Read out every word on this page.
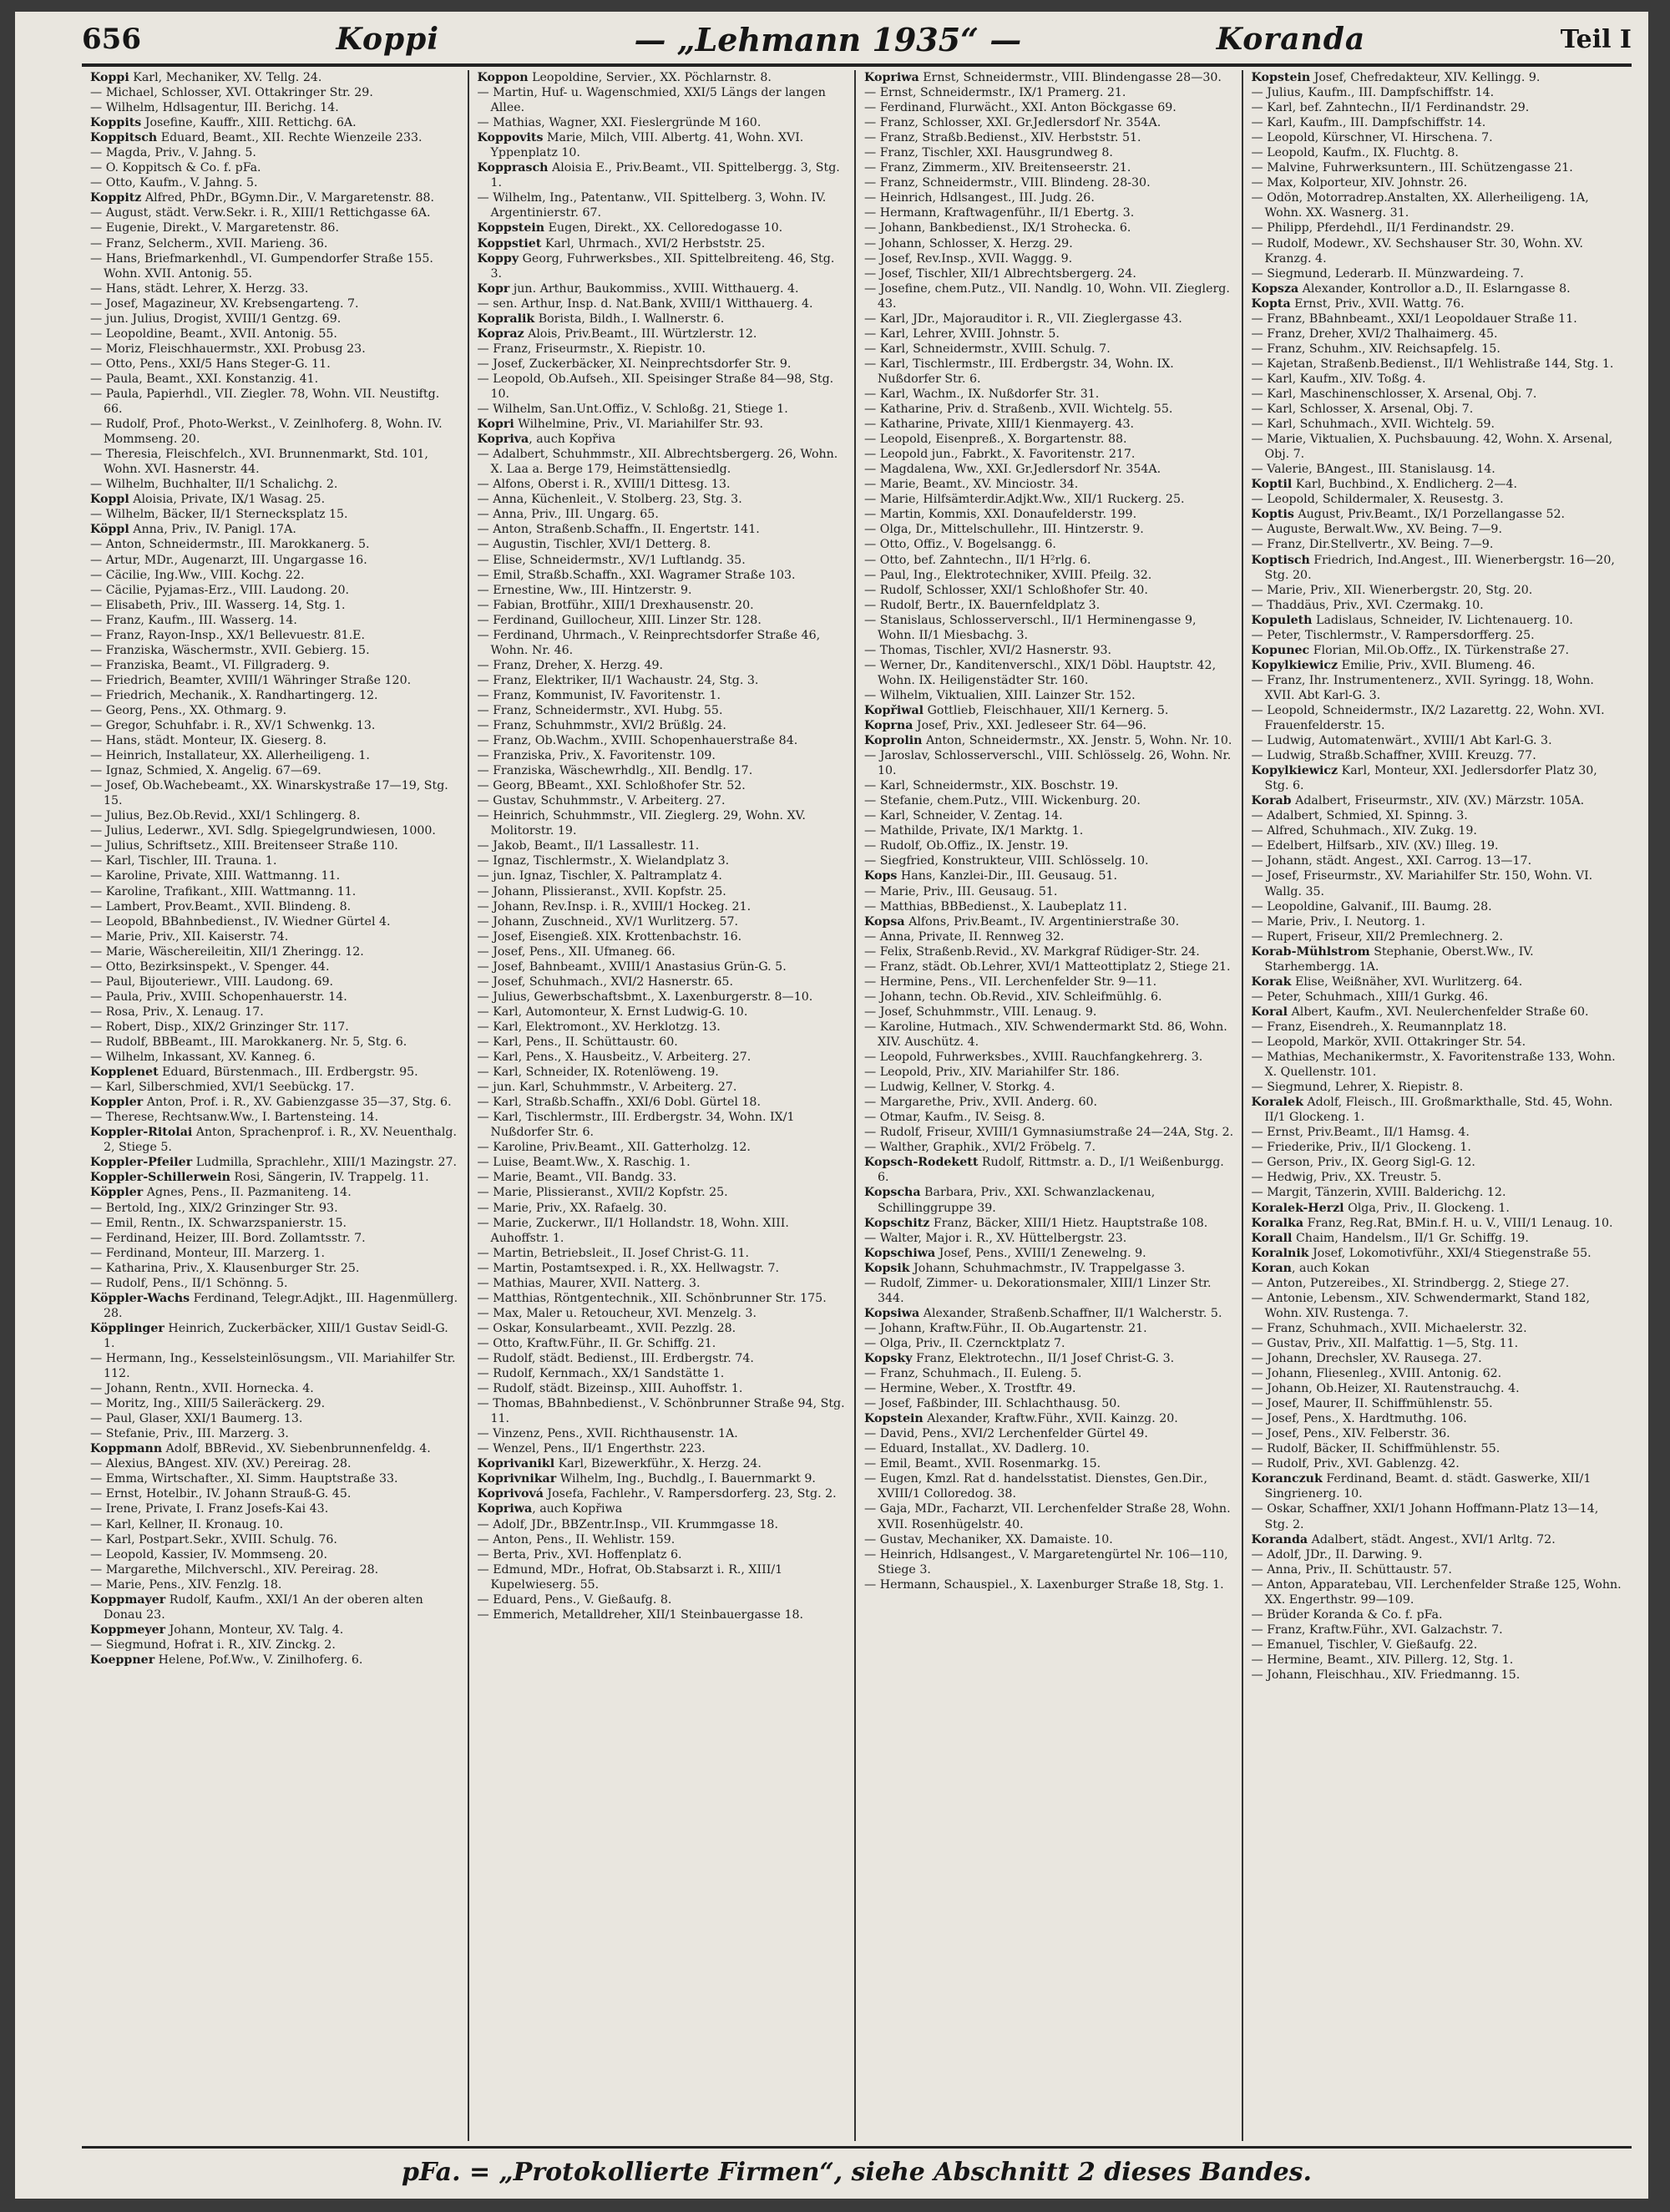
656	Koppi	— „Lehmann 1935“ —	Koranda	Teil I
Koppi Karl, Mechaniker, XV. Tellg. 24.
— Michael, Schlosser, XVI. Ottakringer Str. 29.
— Wilhelm, Hdlsagentur, III. Berichg. 14.
Koppits Josefine, Kauffr., XIII. Rettichg. 6A.
Koppitsch Eduard, Beamt., XII. Rechte Wienzeile 233.
— Magda, Priv., V. Jahng. 5.
— O. Koppitsch & Co. f. pFa.
— Otto, Kaufm., V. Jahng. 5.
Koppitz Alfred, PhDr., BGymn.Dir., V. Margaretenstr. 88.
— August, städt. Verw.Sekr. i. R., XIII/1 Rettichgasse 6A.
— Eugenie, Direkt., V. Margaretenstr. 86.
— Franz, Selcherm., XVII. Marieng. 36.
— Hans, Briefmarkenhdl., VI. Gumpendorfer Straße 155. Wohn. XVII. Antonig. 55.
— Hans, städt. Lehrer, X. Herzg. 33.
— Josef, Magazineur, XV. Krebsengarteng. 7.
— jun. Julius, Drogist, XVIII/1 Gentzg. 69.
— Leopoldine, Beamt., XVII. Antonig. 55.
— Moriz, Fleischhauermstr., XXI. Probusg 23.
— Otto, Pens., XXI/5 Hans Steger-G. 11.
— Paula, Beamt., XXI. Konstanzig. 41.
— Paula, Papierhdl., VII. Ziegler. 78, Wohn. VII. Neustiftg. 66.
— Rudolf, Prof., Photo-Werkst., V. Zeinlhoferg. 8, Wohn. IV. Mommseng. 20.
— Theresia, Fleischfelch., XVI. Brunnenmarkt, Std. 101, Wohn. XVI. Hasnerstr. 44.
— Wilhelm, Buchhalter, II/1 Schalichg. 2.
Koppl Aloisia, Private, IX/1 Wasag. 25.
— Wilhelm, Bäcker, II/1 Sternecksplatz 15.
Köppl Anna, Priv., IV. Panigl. 17A.
— Anton, Schneidermstr., III. Marokkanerg. 5.
— Artur, MDr., Augenarzt, III. Ungargasse 16.
— Cäcilie, Ing.Ww., VIII. Kochg. 22.
— Cäcilie, Pyjamas-Erz., VIII. Laudong. 20.
— Elisabeth, Priv., III. Wasserg. 14, Stg. 1.
— Franz, Kaufm., III. Wasserg. 14.
— Franz, Rayon-Insp., XX/1 Bellevuestr. 81.E.
— Franziska, Wäschermstr., XVII. Gebierg. 15.
— Franziska, Beamt., VI. Fillgraderg. 9.
— Friedrich, Beamter, XVIII/1 Währinger Straße 120.
— Friedrich, Mechanik., X. Randhartingerg. 12.
— Georg, Pens., XX. Othmarg. 9.
— Gregor, Schuhfabr. i. R., XV/1 Schwenkg. 13.
— Hans, städt. Monteur, IX. Gieserg. 8.
— Heinrich, Installateur, XX. Allerheiligeng. 1.
— Ignaz, Schmied, X. Angelig. 67—69.
— Josef, Ob.Wachebeamt., XX. Winarskystraße 17—19, Stg. 15.
— Julius, Bez.Ob.Revid., XXI/1 Schlingerg. 8.
— Julius, Lederwr., XVI. Sdlg. Spiegelgrundwiesen, 1000.
— Julius, Schriftsetz., XIII. Breitenseer Straße 110.
— Karl, Tischler, III. Trauna. 1.
— Karoline, Private, XIII. Wattmanng. 11.
— Karoline, Trafikant., XIII. Wattmanng. 11.
— Lambert, Prov.Beamt., XVII. Blindeng. 8.
— Leopold, BBahnbedienst., IV. Wiedner Gürtel 4.
— Marie, Priv., XII. Kaiserstr. 74.
— Marie, Wäschereileitin, XII/1 Zheringg. 12.
— Otto, Bezirksinspekt., V. Spenger. 44.
— Paul, Bijouteriewr., VIII. Laudong. 69.
— Paula, Priv., XVIII. Schopenhauerstr. 14.
— Rosa, Priv., X. Lenaug. 17.
— Robert, Disp., XIX/2 Grinzinger Str. 117.
— Rudolf, BBBeamt., III. Marokkanerg. Nr. 5, Stg. 6.
— Wilhelm, Inkassant, XV. Kanneg. 6.
Kopplenet Eduard, Bürstenmach., III. Erdbergstr. 95.
— Karl, Silberschmied, XVI/1 Seebückg. 17.
Koppler Anton, Prof. i. R., XV. Gabienzgasse 35—37, Stg. 6.
— Therese, Rechtsanw.Ww., I. Bartensteing. 14.
Koppler-Ritolai Anton, Sprachenprof. i. R., XV. Neuenthalg. 2, Stiege 5.
Koppler-Pfeiler Ludmilla, Sprachlehr., XIII/1 Mazingstr. 27.
Koppler-Schillerwein Rosi, Sängerin, IV. Trappelg. 11.
Köppler Agnes, Pens., II. Pazmaniteng. 14.
— Bertold, Ing., XIX/2 Grinzinger Str. 93.
— Emil, Rentn., IX. Schwarzspanierstr. 15.
— Ferdinand, Heizer, III. Bord. Zollamtsstr. 7.
— Ferdinand, Monteur, III. Marzerg. 1.
— Katharina, Priv., X. Klausenburger Str. 25.
— Rudolf, Pens., II/1 Schönng. 5.
Köppler-Wachs Ferdinand, Telegr.Adjkt., III. Hagenmüllerg. 28.
Köpplinger Heinrich, Zuckerbäcker, XIII/1 Gustav Seidl-G. 1.
— Hermann, Ing., Kesselsteinlösungsm., VII. Mariahilfer Str. 112.
— Johann, Rentn., XVII. Hornecka. 4.
— Moritz, Ing., XIII/5 Saileräckerg. 29.
— Paul, Glaser, XXI/1 Baumerg. 13.
— Stefanie, Priv., III. Marzerg. 3.
Koppmann Adolf, BBRevid., XV. Siebenbrunnenfeldg. 4.
— Alexius, BAngest. XIV. (XV.) Pereirag. 28.
— Emma, Wirtschafter., XI. Simm. Hauptstraße 33.
— Ernst, Hotelbir., IV. Johann Strauß-G. 45.
— Irene, Private, I. Franz Josefs-Kai 43.
— Karl, Kellner, II. Kronaug. 10.
— Karl, Postpart.Sekr., XVIII. Schulg. 76.
— Leopold, Kassier, IV. Mommseng. 20.
— Margarethe, Milchverschl., XIV. Pereirag. 28.
— Marie, Pens., XIV. Fenzlg. 18.
Koppmayer Rudolf, Kaufm., XXI/1 An der oberen alten Donau 23.
Koppmeyer Johann, Monteur, XV. Talg. 4.
— Siegmund, Hofrat i. R., XIV. Zinckg. 2.
Koeppner Helene, Pof.Ww., V. Zinilhoferg. 6.
Koppon Leopoldine, Servier., XX. Pöchlarnstr. 8.
— Martin, Huf- u. Wagenschmied, XXI/5 Längs der langen Allee.
— Mathias, Wagner, XXI. Fieslergründe M 160.
Koppovits Marie, Milch, VIII. Albertg. 41, Wohn. XVI. Yppenplatz 10.
Kopprasch Aloisia E., Priv.Beamt., VII. Spittelbergg. 3, Stg. 1.
— Wilhelm, Ing., Patentanw., VII. Spittelberg. 3, Wohn. IV. Argentinierstr. 67.
Koppstein Eugen, Direkt., XX. Celloredogasse 10.
Koppstiet Karl, Uhrmach., XVI/2 Herbststr. 25.
Koppy Georg, Fuhrwerksbes., XII. Spittelbreiteng. 46, Stg. 3.
Kopr jun. Arthur, Baukommiss., XVIII. Witthauerg. 4.
— sen. Arthur, Insp. d. Nat.Bank, XVIII/1 Witthauerg. 4.
Kopralik Borista, Bildh., I. Wallnerstr. 6.
Kopraz Alois, Priv.Beamt., III. Würtzlerstr. 12.
— Franz, Friseurmstr., X. Riepistr. 10.
— Josef, Zuckerbäcker, XI. Neinprechtsdorfer Str. 9.
— Leopold, Ob.Aufseh., XII. Speisinger Straße 84—98, Stg. 10.
— Wilhelm, San.Unt.Offiz., V. Schloßg. 21, Stiege 1.
Kopri Wilhelmine, Priv., VI. Mariahilfer Str. 93.
Kopriva, auch Kopřiva
— Adalbert, Schuhmmstr., XII. Albrechtsbergerg. 26, Wohn. X. Laa a. Berge 179, Heimstättensiedlg.
— Alfons, Oberst i. R., XVIII/1 Dittesg. 13.
— Anna, Küchenleit., V. Stolberg. 23, Stg. 3.
— Anna, Priv., III. Ungarg. 65.
— Anton, Straßenb.Schaffn., II. Engertstr. 141.
— Augustin, Tischler, XVI/1 Detterg. 8.
— Elise, Schneidermstr., XV/1 Luftlandg. 35.
— Emil, Straßb.Schaffn., XXI. Wagramer Straße 103.
— Ernestine, Ww., III. Hintzerstr. 9.
— Fabian, Brotführ., XIII/1 Drexhausenstr. 20.
— Ferdinand, Guillocheur, XIII. Linzer Str. 128.
— Ferdinand, Uhrmach., V. Reinprechtsdorfer Straße 46, Wohn. Nr. 46.
— Franz, Dreher, X. Herzg. 49.
— Franz, Elektriker, II/1 Wachaustr. 24, Stg. 3.
— Franz, Kommunist, IV. Favoritenstr. 1.
— Franz, Schneidermstr., XVI. Hubg. 55.
— Franz, Schuhmmstr., XVI/2 Brüßlg. 24.
— Franz, Ob.Wachm., XVIII. Schopenhauerstraße 84.
— Franziska, Priv., X. Favoritenstr. 109.
— Franziska, Wäschewrhdlg., XII. Bendlg. 17.
— Georg, BBeamt., XXI. Schloßhofer Str. 52.
— Gustav, Schuhmmstr., V. Arbeiterg. 27.
— Heinrich, Schuhmmstr., VII. Zieglerg. 29, Wohn. XV. Molitorstr. 19.
— Jakob, Beamt., II/1 Lassallestr. 11.
— Ignaz, Tischlermstr., X. Wielandplatz 3.
— jun. Ignaz, Tischler, X. Paltramplatz 4.
— Johann, Plissieranst., XVII. Kopfstr. 25.
— Johann, Rev.Insp. i. R., XVIII/1 Hockeg. 21.
— Johann, Zuschneid., XV/1 Wurlitzerg. 57.
— Josef, Eisengieß. XIX. Krottenbachstr. 16.
— Josef, Pens., XII. Ufmaneg. 66.
— Josef, Bahnbeamt., XVIII/1 Anastasius Grün-G. 5.
— Josef, Schuhmach., XVI/2 Hasnerstr. 65.
— Julius, Gewerbschaftsbmt., X. Laxenburgerstr. 8—10.
— Karl, Automonteur, X. Ernst Ludwig-G. 10.
— Karl, Elektromont., XV. Herklotzg. 13.
— Karl, Pens., II. Schüttaustr. 60.
— Karl, Pens., X. Hausbeitz., V. Arbeiterg. 27.
— Karl, Schneider, IX. Rotenlöweng. 19.
— jun. Karl, Schuhmmstr., V. Arbeiterg. 27.
— Karl, Straßb.Schaffn., XXI/6 Dobl. Gürtel 18.
— Karl, Tischlermstr., III. Erdbergstr. 34, Wohn. IX/1 Nußdorfer Str. 6.
— Karoline, Priv.Beamt., XII. Gatterholzg. 12.
— Luise, Beamt.Ww., X. Raschig. 1.
— Marie, Beamt., VII. Bandg. 33.
— Marie, Plissieranst., XVII/2 Kopfstr. 25.
— Marie, Priv., XX. Rafaelg. 30.
— Marie, Zuckerwr., II/1 Hollandstr. 18, Wohn. XIII. Auhoffstr. 1.
— Martin, Betriebsleit., II. Josef Christ-G. 11.
— Martin, Postamtsexped. i. R., XX. Hellwagstr. 7.
— Mathias, Maurer, XVII. Natterg. 3.
— Matthias, Röntgentechnik., XII. Schönbrunner Str. 175.
— Max, Maler u. Retoucheur, XVI. Menzelg. 3.
— Oskar, Konsularbeamt., XVII. Pezzlg. 28.
— Otto, Kraftw.Führ., II. Gr. Schiffg. 21.
— Rudolf, städt. Bedienst., III. Erdbergstr. 74.
— Rudolf, Kernmach., XX/1 Sandstätte 1.
— Rudolf, städt. Bizeinsp., XIII. Auhoffstr. 1.
— Thomas, BBahnbedienst., V. Schönbrunner Straße 94, Stg. 11.
— Vinzenz, Pens., XVII. Richthausenstr. 1A.
— Wenzel, Pens., II/1 Engerthstr. 223.
Koprivanikl Karl, Bizewerkführ., X. Herzg. 24.
Koprivnikar Wilhelm, Ing., Buchdlg., I. Bauernmarkt 9.
Koprivová Josefa, Fachlehr., V. Rampersdorferg. 23, Stg. 2.
Kopriwa, auch Kopřiwa
— Adolf, JDr., BBZentr.Insp., VII. Krummgasse 18.
— Anton, Pens., II. Wehlistr. 159.
— Berta, Priv., XVI. Hoffenplatz 6.
— Edmund, MDr., Hofrat, Ob.Stabsarzt i. R., XIII/1 Kupelwieserg. 55.
— Eduard, Pens., V. Gießaufg. 8.
— Emmerich, Metalldreher, XII/1 Steinbauergasse 18.
Kopriwa Ernst, Schneidermstr., VIII. Blindengasse 28—30.
— Ernst, Schneidermstr., IX/1 Pramerg. 21.
— Ferdinand, Flurwächt., XXI. Anton Böckgasse 69.
— Franz, Schlosser, XXI. Gr.Jedlersdorf Nr. 354A.
— Franz, Straßb.Bedienst., XIV. Herbststr. 51.
— Franz, Tischler, XXI. Hausgrundweg 8.
— Franz, Zimmerm., XIV. Breitenseerstr. 21.
— Franz, Schneidermstr., VIII. Blindeng. 28-30.
— Heinrich, Hdlsangest., III. Judg. 26.
— Hermann, Kraftwagenführ., II/1 Ebertg. 3.
— Johann, Bankbedienst., IX/1 Strohecka. 6.
— Johann, Schlosser, X. Herzg. 29.
— Josef, Rev.Insp., XVII. Waggg. 9.
— Josef, Tischler, XII/1 Albrechtsbergerg. 24.
— Josefine, chem.Putz., VII. Nandlg. 10, Wohn. VII. Zieglerg. 43.
— Karl, JDr., Majorauditor i. R., VII. Zieglergasse 43.
— Karl, Lehrer, XVIII. Johnstr. 5.
— Karl, Schneidermstr., XVIII. Schulg. 7.
— Karl, Tischlermstr., III. Erdbergstr. 34, Wohn. IX. Nußdorfer Str. 6.
— Karl, Wachm., IX. Nußdorfer Str. 31.
— Katharine, Priv. d. Straßenb., XVII. Wichtelg. 55.
— Katharine, Private, XIII/1 Kienmayerg. 43.
— Leopold, Eisenpreß., X. Borgartenstr. 88.
— Leopold jun., Fabrkt., X. Favoritenstr. 217.
— Magdalena, Ww., XXI. Gr.Jedlersdorf Nr. 354A.
— Marie, Beamt., XV. Minciostr. 34.
— Marie, Hilfsämterdir.Adjkt.Ww., XII/1 Ruckerg. 25.
— Martin, Kommis, XXI. Donaufelderstr. 199.
— Olga, Dr., Mittelschullehr., III. Hintzerstr. 9.
— Otto, Offiz., V. Bogelsangg. 6.
— Otto, bef. Zahntechn., II/1 H²rlg. 6.
— Paul, Ing., Elektrotechniker, XVIII. Pfeilg. 32.
— Rudolf, Schlosser, XXI/1 Schloßhofer Str. 40.
— Rudolf, Bertr., IX. Bauernfeldplatz 3.
— Stanislaus, Schlosserverschl., II/1 Herminengasse 9, Wohn. II/1 Miesbachg. 3.
— Thomas, Tischler, XVI/2 Hasnerstr. 93.
— Werner, Dr., Kanditenverschl., XIX/1 Döbl. Hauptstr. 42, Wohn. IX. Heiligenstädter Str. 160.
— Wilhelm, Viktualien, XIII. Lainzer Str. 152.
Kopřiwal Gottlieb, Fleischhauer, XII/1 Kernerg. 5.
Koprna Josef, Priv., XXI. Jedleseer Str. 64—96.
Koprolin Anton, Schneidermstr., XX. Jenstr. 5, Wohn. Nr. 10.
— Jaroslav, Schlosserverschl., VIII. Schlösselg. 26, Wohn. Nr. 10.
— Karl, Schneidermstr., XIX. Boschstr. 19.
— Stefanie, chem.Putz., VIII. Wickenburg. 20.
— Karl, Schneider, V. Zentag. 14.
— Mathilde, Private, IX/1 Marktg. 1.
— Rudolf, Ob.Offiz., IX. Jenstr. 19.
— Siegfried, Konstrukteur, VIII. Schlösselg. 10.
Kops Hans, Kanzlei-Dir., III. Geusaug. 51.
— Marie, Priv., III. Geusaug. 51.
— Matthias, BBBedienst., X. Laubeplatz 11.
Kopsa Alfons, Priv.Beamt., IV. Argentinierstraße 30.
— Anna, Private, II. Rennweg 32.
— Felix, Straßenb.Revid., XV. Markgraf Rüdiger-Str. 24.
— Franz, städt. Ob.Lehrer, XVI/1 Matteottiplatz 2, Stiege 21.
— Hermine, Pens., VII. Lerchenfelder Str. 9—11.
— Johann, techn. Ob.Revid., XIV. Schleifmühlg. 6.
— Josef, Schuhmmstr., VIII. Lenaug. 9.
— Karoline, Hutmach., XIV. Schwendermarkt Std. 86, Wohn. XIV. Auschütz. 4.
— Leopold, Fuhrwerksbes., XVIII. Rauchfangkehrerg. 3.
— Leopold, Priv., XIV. Mariahilfer Str. 186.
— Ludwig, Kellner, V. Storkg. 4.
— Margarethe, Priv., XVII. Anderg. 60.
— Otmar, Kaufm., IV. Seisg. 8.
— Rudolf, Friseur, XVIII/1 Gymnasiumstraße 24—24A, Stg. 2.
— Walther, Graphik., XVI/2 Fröbelg. 7.
Kopsch-Rodekett Rudolf, Rittmstr. a. D., I/1 Weißenburgg. 6.
Kopscha Barbara, Priv., XXI. Schwanzlackenau, Schillinggruppe 39.
Kopschitz Franz, Bäcker, XIII/1 Hietz. Hauptstraße 108.
— Walter, Major i. R., XV. Hüttelbergstr. 23.
Kopschiwa Josef, Pens., XVIII/1 Zenewelng. 9.
Kopsik Johann, Schuhmachmstr., IV. Trappelgasse 3.
— Rudolf, Zimmer- u. Dekorationsmaler, XIII/1 Linzer Str. 344.
Kopsiwa Alexander, Straßenb.Schaffner, II/1 Walcherstr. 5.
— Johann, Kraftw.Führ., II. Ob.Augartenstr. 21.
— Olga, Priv., II. Czerncktplatz 7.
Kopsky Franz, Elektrotechn., II/1 Josef Christ-G. 3.
— Franz, Schuhmach., II. Euleng. 5.
— Hermine, Weber., X. Trostftr. 49.
— Josef, Faßbinder, III. Schlachthausg. 50.
Kopstein Alexander, Kraftw.Führ., XVII. Kainzg. 20.
— David, Pens., XVI/2 Lerchenfelder Gürtel 49.
— Eduard, Installat., XV. Dadlerg. 10.
— Emil, Beamt., XVII. Rosenmarkg. 15.
— Eugen, Kmzl. Rat d. handelsstatist. Dienstes, Gen.Dir., XVIII/1 Colloredog. 38.
— Gaja, MDr., Facharzt, VII. Lerchenfelder Straße 28, Wohn. XVII. Rosenhügelstr. 40.
— Gustav, Mechaniker, XX. Damaiste. 10.
— Heinrich, Hdlsangest., V. Margaretengürtel Nr. 106—110, Stiege 3.
— Hermann, Schauspiel., X. Laxenburger Straße 18, Stg. 1.
Kopstein Josef, Chefredakteur, XIV. Kellingg. 9.
— Julius, Kaufm., III. Dampfschiffstr. 14.
— Karl, bef. Zahntechn., II/1 Ferdinandstr. 29.
— Karl, Kaufm., III. Dampfschiffstr. 14.
— Leopold, Kürschner, VI. Hirschena. 7.
— Leopold, Kaufm., IX. Fluchtg. 8.
— Malvine, Fuhrwerksuntern., III. Schützengasse 21.
— Max, Kolporteur, XIV. Johnstr. 26.
— Odön, Motorradrep.Anstalten, XX. Allerheiligeng. 1A, Wohn. XX. Wasnerg. 31.
— Philipp, Pferdehdl., II/1 Ferdinandstr. 29.
— Rudolf, Modewr., XV. Sechshauser Str. 30, Wohn. XV. Kranzg. 4.
— Siegmund, Lederarb. II. Münzwardeing. 7.
Kopsza Alexander, Kontrollor a.D., II. Eslarngasse 8.
Kopta Ernst, Priv., XVII. Wattg. 76.
— Franz, BBahnbeamt., XXI/1 Leopoldauer Straße 11.
— Franz, Dreher, XVI/2 Thalhaimerg. 45.
— Franz, Schuhm., XIV. Reichsapfelg. 15.
— Kajetan, Straßenb.Bedienst., II/1 Wehlistraße 144, Stg. 1.
— Karl, Kaufm., XIV. Toßg. 4.
— Karl, Maschinenschlosser, X. Arsenal, Obj. 7.
— Karl, Schlosser, X. Arsenal, Obj. 7.
— Karl, Schuhmach., XVII. Wichtelg. 59.
— Marie, Viktualien, X. Puchsbauung. 42, Wohn. X. Arsenal, Obj. 7.
— Valerie, BAngest., III. Stanislausg. 14.
Koptil Karl, Buchbind., X. Endlicherg. 2—4.
— Leopold, Schildermaler, X. Reusestg. 3.
Koptis August, Priv.Beamt., IX/1 Porzellangasse 52.
— Auguste, Berwalt.Ww., XV. Being. 7—9.
— Franz, Dir.Stellvertr., XV. Being. 7—9.
Koptisch Friedrich, Ind.Angest., III. Wienerbergstr. 16—20, Stg. 20.
— Marie, Priv., XII. Wienerbergstr. 20, Stg. 20.
— Thaddäus, Priv., XVI. Czermakg. 10.
Kopuleth Ladislaus, Schneider, IV. Lichtenauerg. 10.
— Peter, Tischlermstr., V. Rampersdorfferg. 25.
Kopunec Florian, Mil.Ob.Offz., IX. Türkenstraße 27.
Kopylkiewicz Emilie, Priv., XVII. Blumeng. 46.
— Franz, Ihr. Instrumentenerz., XVII. Syringg. 18, Wohn. XVII. Abt Karl-G. 3.
— Leopold, Schneidermstr., IX/2 Lazarettg. 22, Wohn. XVI. Frauenfelderstr. 15.
— Ludwig, Automatenwärt., XVIII/1 Abt Karl-G. 3.
— Ludwig, Straßb.Schaffner, XVIII. Kreuzg. 77.
Kopylkiewicz Karl, Monteur, XXI. Jedlersdorfer Platz 30, Stg. 6.
Korab Adalbert, Friseurmstr., XIV. (XV.) Märzstr. 105A.
— Adalbert, Schmied, XI. Spinng. 3.
— Alfred, Schuhmach., XIV. Zukg. 19.
— Edelbert, Hilfsarb., XIV. (XV.) Illeg. 19.
— Johann, städt. Angest., XXI. Carrog. 13—17.
— Josef, Friseurmstr., XV. Mariahilfer Str. 150, Wohn. VI. Wallg. 35.
— Leopoldine, Galvanif., III. Baumg. 28.
— Marie, Priv., I. Neutorg. 1.
— Rupert, Friseur, XII/2 Premlechnerg. 2.
Korab-Mühlstrom Stephanie, Oberst.Ww., IV. Starhembergg. 1A.
Korak Elise, Weißnäher, XVI. Wurlitzerg. 64.
— Peter, Schuhmach., XIII/1 Gurkg. 46.
Koral Albert, Kaufm., XVI. Neulerchenfelder Straße 60.
— Franz, Eisendreh., X. Reumannplatz 18.
— Leopold, Markör, XVII. Ottakringer Str. 54.
— Mathias, Mechanikermstr., X. Favoritenstraße 133, Wohn. X. Quellenstr. 101.
— Siegmund, Lehrer, X. Riepistr. 8.
Koralek Adolf, Fleisch., III. Großmarkthalle, Std. 45, Wohn. II/1 Glockeng. 1.
— Ernst, Priv.Beamt., II/1 Hamsg. 4.
— Friederike, Priv., II/1 Glockeng. 1.
— Gerson, Priv., IX. Georg Sigl-G. 12.
— Hedwig, Priv., XX. Treustr. 5.
— Margit, Tänzerin, XVIII. Balderichg. 12.
Koralek-Herzl Olga, Priv., II. Glockeng. 1.
Koralka Franz, Reg.Rat, BMin.f. H. u. V., VIII/1 Lenaug. 10.
Korall Chaim, Handelsm., II/1 Gr. Schiffg. 19.
Koralnik Josef, Lokomotivführ., XXI/4 Stiegenstraße 55.
Koran, auch Kokan
— Anton, Putzereibes., XI. Strindbergg. 2, Stiege 27.
— Antonie, Lebensm., XIV. Schwendermarkt, Stand 182, Wohn. XIV. Rustenga. 7.
— Franz, Schuhmach., XVII. Michaelerstr. 32.
— Gustav, Priv., XII. Malfattig. 1—5, Stg. 11.
— Johann, Drechsler, XV. Rausega. 27.
— Johann, Fliesenleg., XVIII. Antonig. 62.
— Johann, Ob.Heizer, XI. Rautenstrauchg. 4.
— Josef, Maurer, II. Schiffmühlenstr. 55.
— Josef, Pens., X. Hardtmuthg. 106.
— Josef, Pens., XIV. Felberstr. 36.
— Rudolf, Bäcker, II. Schiffmühlenstr. 55.
— Rudolf, Priv., XVI. Gablenzg. 42.
Koranczuk Ferdinand, Beamt. d. städt. Gaswerke, XII/1 Singrienerg. 10.
— Oskar, Schaffner, XXI/1 Johann Hoffmann-Platz 13—14, Stg. 2.
Koranda Adalbert, städt. Angest., XVI/1 Arltg. 72.
— Adolf, JDr., II. Darwing. 9.
— Anna, Priv., II. Schüttaustr. 57.
— Anton, Apparatebau, VII. Lerchenfelder Straße 125, Wohn. XX. Engerthstr. 99—109.
— Brüder Koranda & Co. f. pFa.
— Franz, Kraftw.Führ., XVI. Galzachstr. 7.
— Emanuel, Tischler, V. Gießaufg. 22.
— Hermine, Beamt., XIV. Pillerg. 12, Stg. 1.
— Johann, Fleischhau., XIV. Friedmanng. 15.
pFa. = „Protokollierte Firmen“, siehe Abschnitt 2 dieses Bandes.
